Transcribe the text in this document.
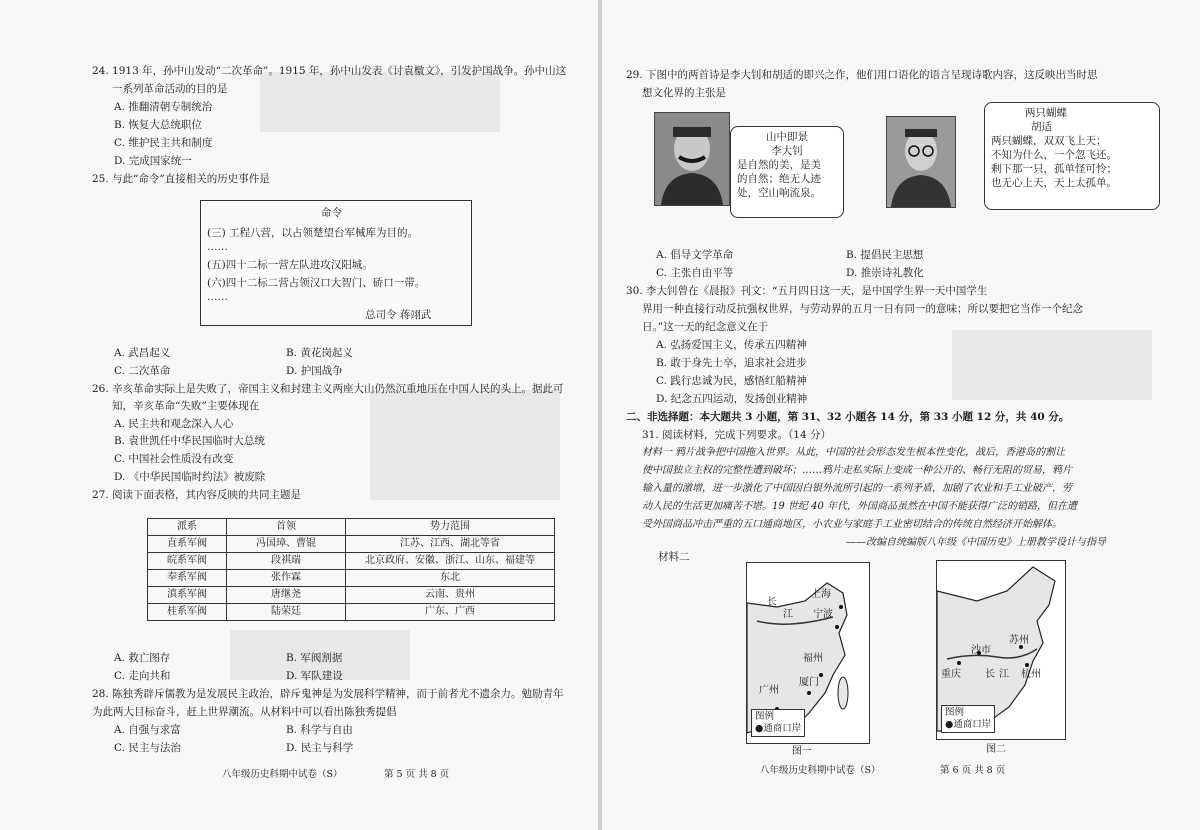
24. 1913 年，孙中山发动“二次革命”。1915 年，孙中山发表《讨袁檄文》，引发护国战争。孙中山这
一系列革命活动的目的是
A. 推翻清朝专制统治
B. 恢复大总统职位
C. 维护民主共和制度
D. 完成国家统一
25. 与此“命令”直接相关的历史事件是
命令
(三) 工程八营，以占领楚望台军械库为目的。
……
(五)四十二标一营左队进攻汉阳城。
(六)四十二标二营占领汉口大智门、硚口一带。
……
总司令 蒋翊武
A. 武昌起义	B. 黄花岗起义
C. 二次革命	D. 护国战争
26. 辛亥革命实际上是失败了，帝国主义和封建主义两座大山仍然沉重地压在中国人民的头上。据此可
知，辛亥革命“失败”主要体现在
A. 民主共和观念深入人心
B. 袁世凯任中华民国临时大总统
C. 中国社会性质没有改变
D. 《中华民国临时约法》被废除
27. 阅读下面表格，其内容反映的共同主题是
派系	首领	势力范围
直系军阀	冯国璋、曹锟	江苏、江西、湖北等省
皖系军阀	段祺瑞	北京政府、安徽、浙江、山东、福建等
奉系军阀	张作霖	东北
滇系军阀	唐继尧	云南、贵州
桂系军阀	陆荣廷	广东、广西
A. 救亡图存	B. 军阀割据
C. 走向共和	D. 军队建设
28. 陈独秀辟斥儒教为是发展民主政治，辟斥鬼神是为发展科学精神，而于前者尤不遗余力。勉励青年
为此两大目标奋斗，赶上世界潮流。从材料中可以看出陈独秀提倡
A. 自强与求富	B. 科学与自由
C. 民主与法治	D. 民主与科学
八年级历史科期中试卷（S）	第 5 页 共 8 页
29. 下图中的两首诗是李大钊和胡适的即兴之作，他们用口语化的语言呈现诗歌内容，这反映出当时思
想文化界的主张是
山中即景
李大钊
是自然的美，是美
的自然；绝无人迹
处，空山响流泉。
两只蝴蝶
胡适
两只蝴蝶，双双飞上天；
不知为什么，一个忽飞还。
剩下那一只，孤单怪可怜；
也无心上天，天上太孤单。
A. 倡导文学革命	B. 提倡民主思想
C. 主张自由平等	D. 推崇诗礼教化
30. 李大钊曾在《晨报》刊文：“五月四日这一天，是中国学生界一天中国学生
界用一种直接行动反抗强权世界，与劳动界的五月一日有同一的意味；所以要把它当作一个纪念
日。”这一天的纪念意义在于
A. 弘扬爱国主义，传承五四精神
B. 敢于身先士卒，追求社会进步
C. 践行忠诚为民，感悟红船精神
D. 纪念五四运动，发扬创业精神
二、非选择题：本大题共 3 小题，第 31、32 小题各 14 分，第 33 小题 12 分，共 40 分。
31. 阅读材料，完成下列要求。（14 分）
材料一 鸦片战争把中国拖入世界。从此，中国的社会形态发生根本性变化，战后，香港岛的割让
使中国独立主权的完整性遭到破坏；……鸦片走私实际上变成一种公开的、畅行无阻的贸易，鸦片
输入量的激增，进一步激化了中国因白银外流所引起的一系列矛盾，加剧了农业和手工业破产，劳
动人民的生活更加痛苦不堪。19 世纪 40 年代，外国商品虽然在中国不能获得广泛的销路，但在遭
受外国商品冲击严重的五口通商地区，小农业与家庭手工业密切结合的传统自然经济开始解体。
——改编自统编版八年级《中国历史》上册教学设计与指导
材料二
上海
宁波
长
江
福州
厦门
广州
图例
●通商口岸
图一
苏州
沙市
重庆 长 江 杭州
图例
●通商口岸
图二
八年级历史科期中试卷（S）	第 6 页 共 8 页
